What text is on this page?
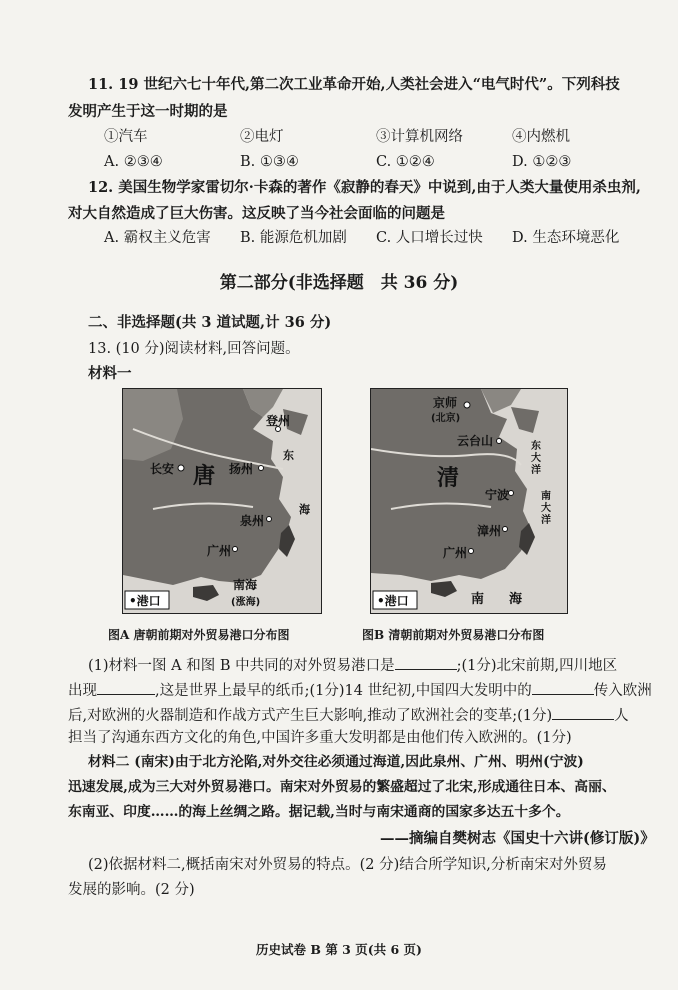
11. 19 世纪六七十年代,第二次工业革命开始,人类社会进入“电气时代”。下列科技
发明产生于这一时期的是
①汽车	②电灯	③计算机网络	④内燃机
A. ②③④	B. ①③④	C. ①②④	D. ①②③
12. 美国生物学家雷切尔·卡森的著作《寂静的春天》中说到,由于人类大量使用杀虫剂,
对大自然造成了巨大伤害。这反映了当今社会面临的问题是
A. 霸权主义危害 B. 能源危机加剧 C. 人口增长过快 D. 生态环境恶化
第二部分(非选择题　共 36 分)
二、非选择题(共 3 道试题,计 36 分)
13. (10 分)阅读材料,回答问题。
材料一
登州
东
长安 唐 扬州
海
泉州
广州
南海
(涨海)
•港口
图A 唐朝前期对外贸易港口分布图
京师
(北京)
云台山	东
大
洋
清
宁波	南
大
洋
漳州
广州
南 海
•港口
图B 清朝前期对外贸易港口分布图
(1)材料一图 A 和图 B 中共同的对外贸易港口是	;(1分)北宋前期,四川地区
出现	,这是世界上最早的纸币;(1分)14 世纪初,中国四大发明中的	传入欧洲
后,对欧洲的火器制造和作战方式产生巨大影响,推动了欧洲社会的变革;(1分)	人
担当了沟通东西方文化的角色,中国许多重大发明都是由他们传入欧洲的。(1分)
材料二 (南宋)由于北方沦陷,对外交往必须通过海道,因此泉州、广州、明州(宁波)
迅速发展,成为三大对外贸易港口。南宋对外贸易的繁盛超过了北宋,形成通往日本、高丽、
东南亚、印度……的海上丝绸之路。据记载,当时与南宋通商的国家多达五十多个。
——摘编自樊树志《国史十六讲(修订版)》
(2)依据材料二,概括南宋对外贸易的特点。(2 分)结合所学知识,分析南宋对外贸易
发展的影响。(2 分)
历史试卷 B 第 3 页(共 6 页)
